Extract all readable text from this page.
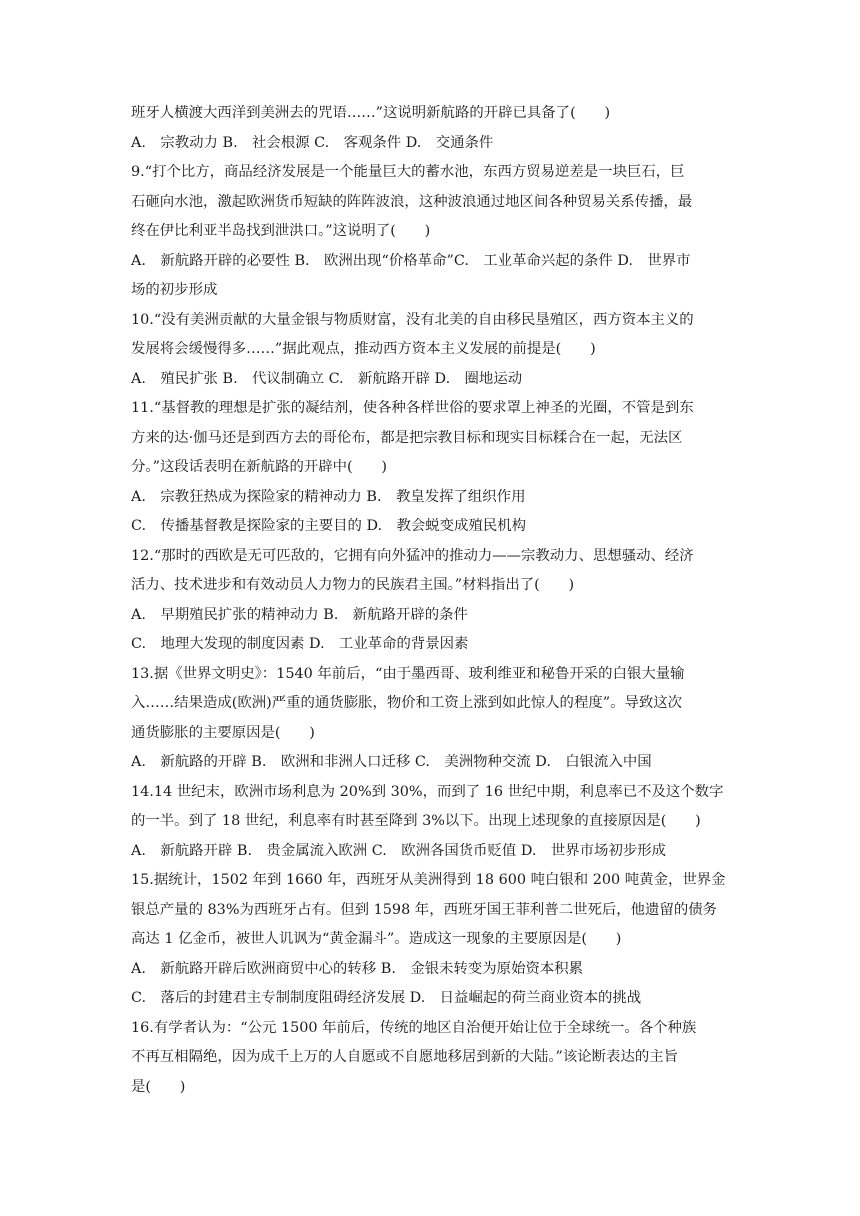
班牙人横渡大西洋到美洲去的咒语……”这说明新航路的开辟已具备了(　　)
A.　宗教动力 B.　社会根源 C.　客观条件 D.　交通条件
9.“打个比方，商品经济发展是一个能量巨大的蓄水池，东西方贸易逆差是一块巨石，巨
石砸向水池，激起欧洲货币短缺的阵阵波浪，这种波浪通过地区间各种贸易关系传播，最
终在伊比利亚半岛找到泄洪口。”这说明了(　　)
A.　新航路开辟的必要性 B.　欧洲出现“价格革命”C.　工业革命兴起的条件 D.　世界市
场的初步形成
10.“没有美洲贡献的大量金银与物质财富，没有北美的自由移民垦殖区，西方资本主义的
发展将会缓慢得多……”据此观点，推动西方资本主义发展的前提是(　　)
A.　殖民扩张 B.　代议制确立 C.　新航路开辟 D.　圈地运动
11.“基督教的理想是扩张的凝结剂，使各种各样世俗的要求罩上神圣的光圈，不管是到东
方来的达·伽马还是到西方去的哥伦布，都是把宗教目标和现实目标糅合在一起，无法区
分。”这段话表明在新航路的开辟中(　　)
A.　宗教狂热成为探险家的精神动力 B.　教皇发挥了组织作用
C.　传播基督教是探险家的主要目的 D.　教会蜕变成殖民机构
12.“那时的西欧是无可匹敌的，它拥有向外猛冲的推动力——宗教动力、思想骚动、经济
活力、技术进步和有效动员人力物力的民族君主国。”材料指出了(　　)
A.　早期殖民扩张的精神动力 B.　新航路开辟的条件
C.　地理大发现的制度因素 D.　工业革命的背景因素
13.据《世界文明史》：1540 年前后，“由于墨西哥、玻利维亚和秘鲁开采的白银大量输
入……结果造成(欧洲)严重的通货膨胀，物价和工资上涨到如此惊人的程度”。导致这次
通货膨胀的主要原因是(　　)
A.　新航路的开辟 B.　欧洲和非洲人口迁移 C.　美洲物种交流 D.　白银流入中国
14.14 世纪末，欧洲市场利息为 20%到 30%，而到了 16 世纪中期，利息率已不及这个数字
的一半。到了 18 世纪，利息率有时甚至降到 3%以下。出现上述现象的直接原因是(　　)
A.　新航路开辟 B.　贵金属流入欧洲 C.　欧洲各国货币贬值 D.　世界市场初步形成
15.据统计，1502 年到 1660 年，西班牙从美洲得到 18 600 吨白银和 200 吨黄金，世界金
银总产量的 83%为西班牙占有。但到 1598 年，西班牙国王菲利普二世死后，他遗留的债务
高达 1 亿金币，被世人讥讽为“黄金漏斗”。造成这一现象的主要原因是(　　)
A.　新航路开辟后欧洲商贸中心的转移 B.　金银未转变为原始资本积累
C.　落后的封建君主专制制度阻碍经济发展 D.　日益崛起的荷兰商业资本的挑战
16.有学者认为：“公元 1500 年前后，传统的地区自治便开始让位于全球统一。各个种族
不再互相隔绝，因为成千上万的人自愿或不自愿地移居到新的大陆。”该论断表达的主旨
是(　　)
